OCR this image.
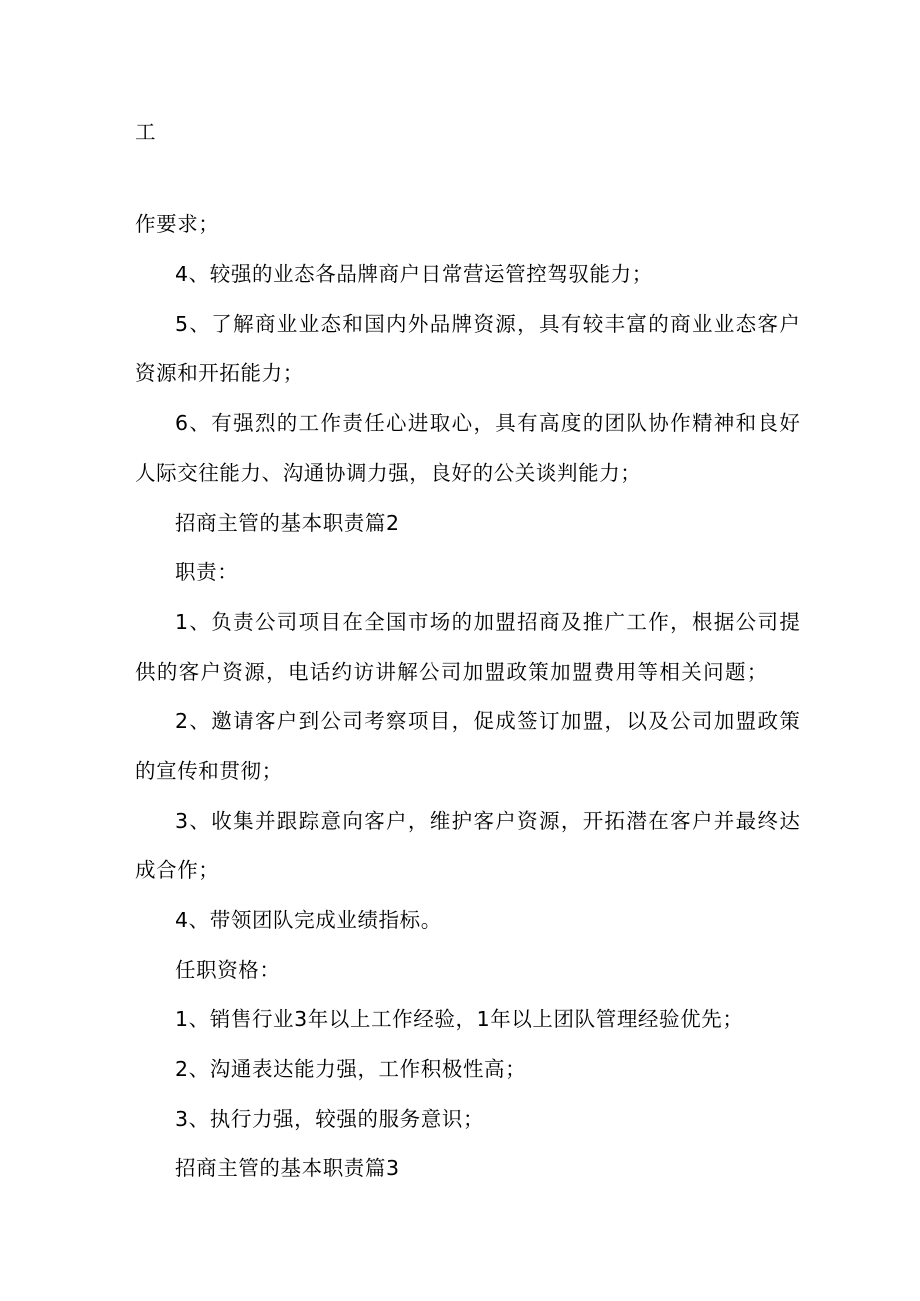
工
作要求；
4、较强的业态各品牌商户日常营运管控驾驭能力；
5、了解商业业态和国内外品牌资源，具有较丰富的商业业态客户
资源和开拓能力；
6、有强烈的工作责任心进取心，具有高度的团队协作精神和良好
人际交往能力、沟通协调力强，良好的公关谈判能力；
招商主管的基本职责篇2
职责：
1、负责公司项目在全国市场的加盟招商及推广工作，根据公司提
供的客户资源，电话约访讲解公司加盟政策加盟费用等相关问题；
2、邀请客户到公司考察项目，促成签订加盟，以及公司加盟政策
的宣传和贯彻；
3、收集并跟踪意向客户，维护客户资源，开拓潜在客户并最终达
成合作；
4、带领团队完成业绩指标。
任职资格：
1、销售行业3年以上工作经验，1年以上团队管理经验优先；
2、沟通表达能力强，工作积极性高；
3、执行力强，较强的服务意识；
招商主管的基本职责篇3
